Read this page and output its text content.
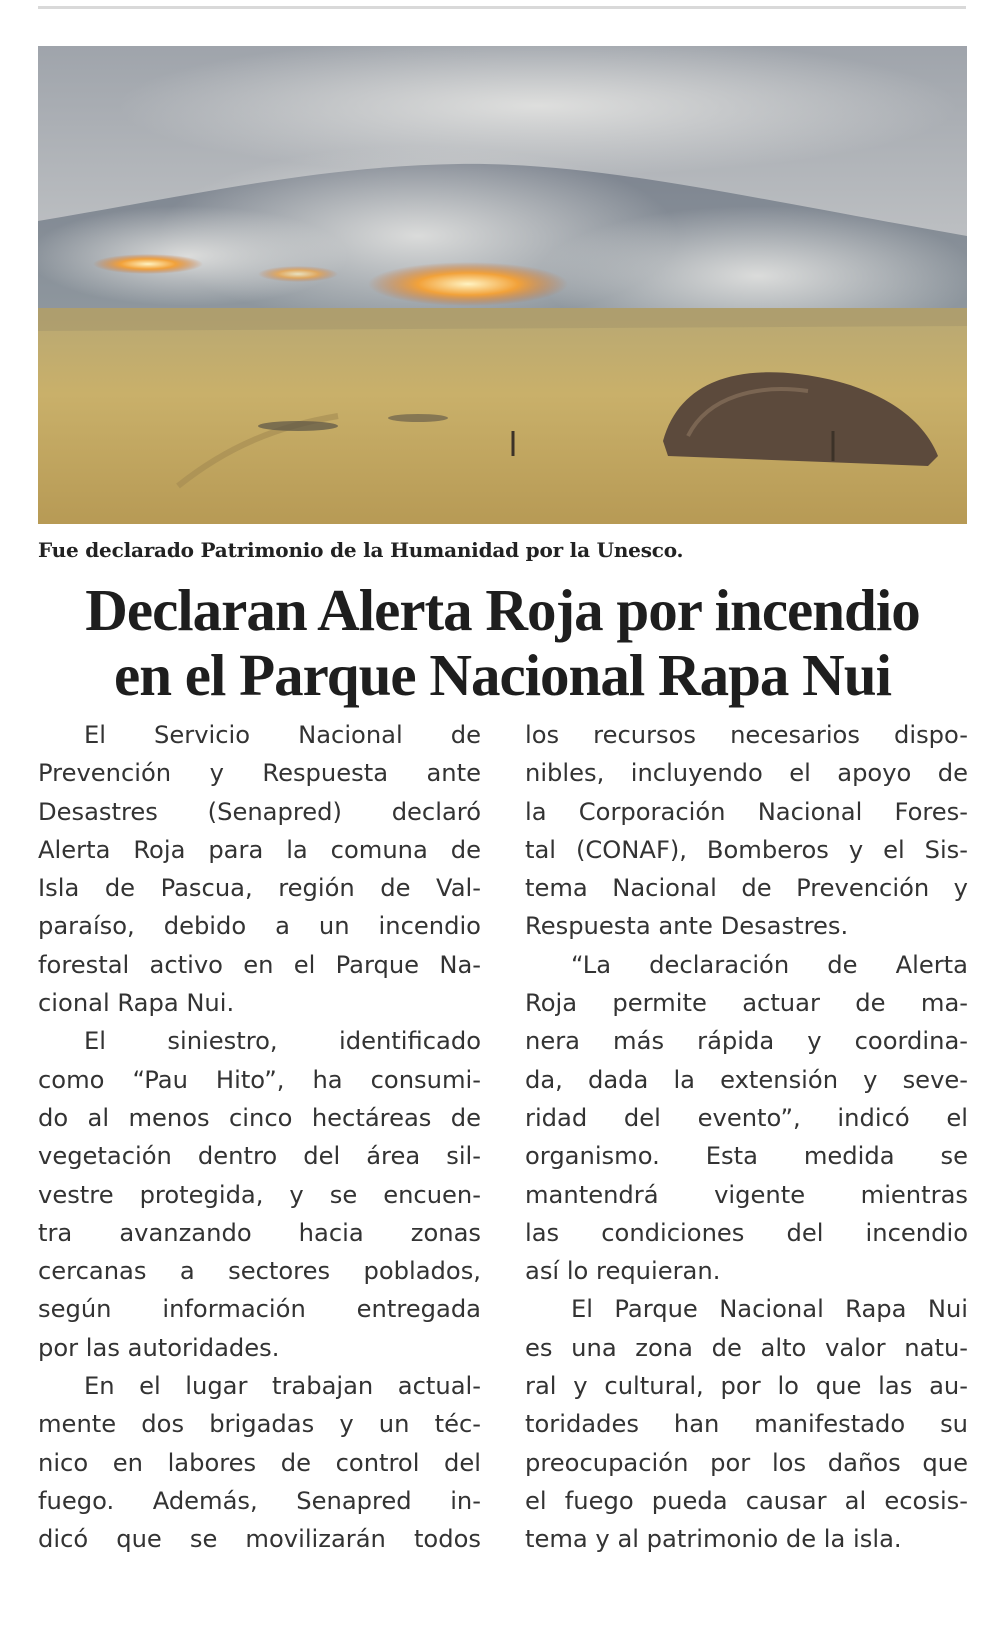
Fue declarado Patrimonio de la Humanidad por la Unesco.
Declaran Alerta Roja por incendio
en el Parque Nacional Rapa Nui
El Servicio Nacional de
Prevención y Respuesta ante
Desastres (Senapred) declaró
Alerta Roja para la comuna de
Isla de Pascua, región de Val-
paraíso, debido a un incendio
forestal activo en el Parque Na-
cional Rapa Nui.
El siniestro, identificado
como “Pau Hito”, ha consumi-
do al menos cinco hectáreas de
vegetación dentro del área sil-
vestre protegida, y se encuen-
tra avanzando hacia zonas
cercanas a sectores poblados,
según información entregada
por las autoridades.
En el lugar trabajan actual-
mente dos brigadas y un téc-
nico en labores de control del
fuego. Además, Senapred in-
dicó que se movilizarán todos
los recursos necesarios dispo-
nibles, incluyendo el apoyo de
la Corporación Nacional Fores-
tal (CONAF), Bomberos y el Sis-
tema Nacional de Prevención y
Respuesta ante Desastres.
“La declaración de Alerta
Roja permite actuar de ma-
nera más rápida y coordina-
da, dada la extensión y seve-
ridad del evento”, indicó el
organismo. Esta medida se
mantendrá vigente mientras
las condiciones del incendio
así lo requieran.
El Parque Nacional Rapa Nui
es una zona de alto valor natu-
ral y cultural, por lo que las au-
toridades han manifestado su
preocupación por los daños que
el fuego pueda causar al ecosis-
tema y al patrimonio de la isla.
